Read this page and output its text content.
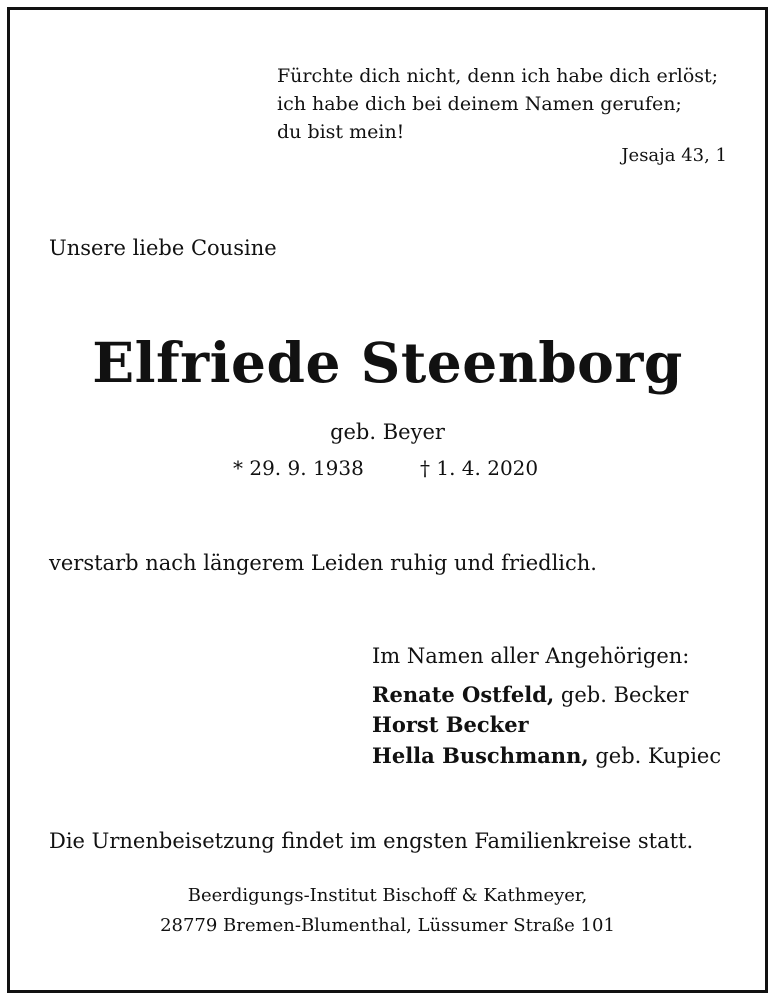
Fürchte dich nicht, denn ich habe dich erlöst;
ich habe dich bei deinem Namen gerufen;
du bist mein!

Jesaja 43, 1

Unsere liebe Cousine

Elfriede Steenborg

geb. Beyer

* 29. 9. 1938	† 1. 4. 2020

verstarb nach längerem Leiden ruhig und friedlich.

Im Namen aller Angehörigen:

Renate Ostfeld, geb. Becker

Horst Becker

Hella Buschmann, geb. Kupiec

Die Urnenbeisetzung findet im engsten Familienkreise statt.

Beerdigungs-Institut Bischoff & Kathmeyer,
28779 Bremen-Blumenthal, Lüssumer Straße 101
